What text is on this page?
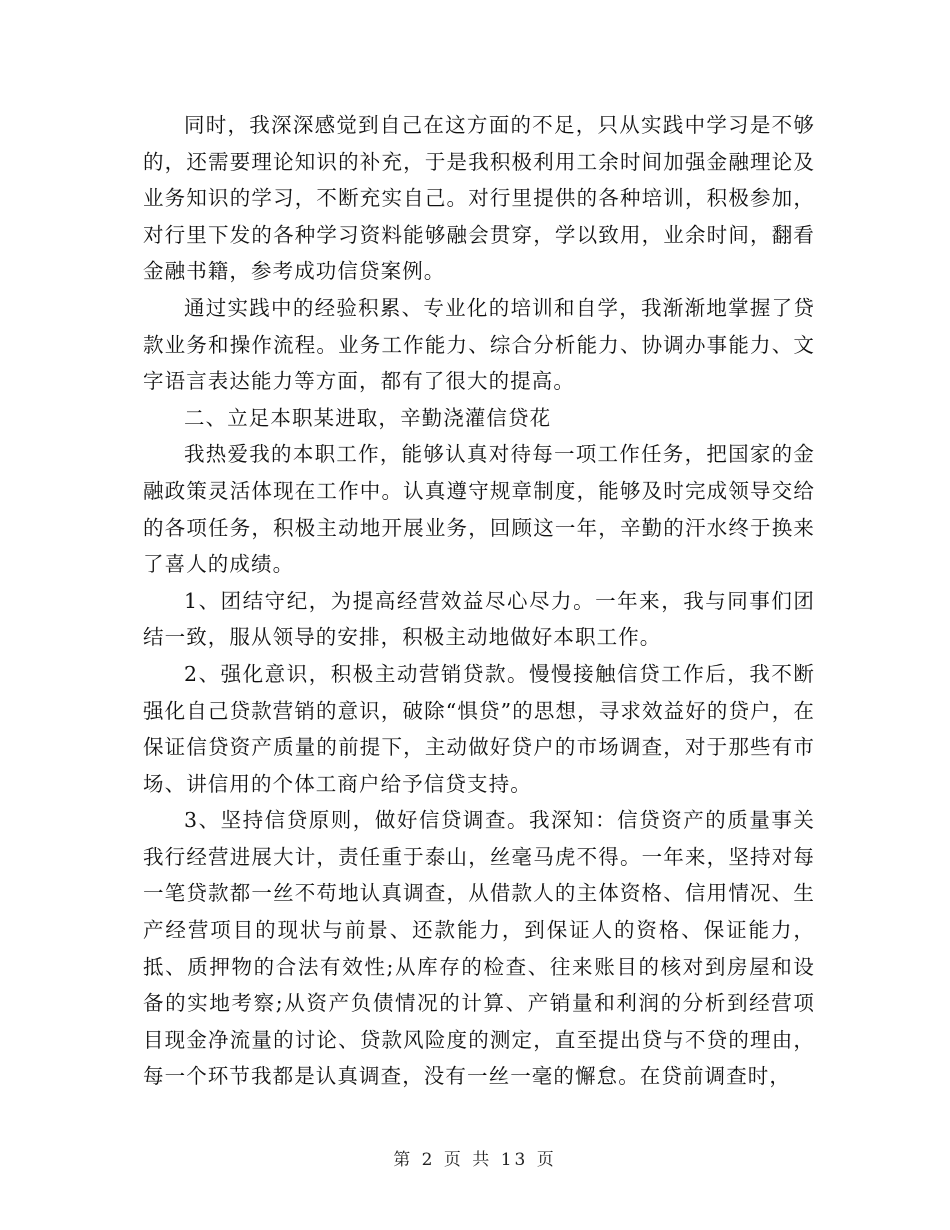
同时，我深深感觉到自己在这方面的不足，只从实践中学习是不够的，还需要理论知识的补充，于是我积极利用工余时间加强金融理论及业务知识的学习，不断充实自己。对行里提供的各种培训，积极参加，对行里下发的各种学习资料能够融会贯穿，学以致用，业余时间，翻看金融书籍，参考成功信贷案例。

通过实践中的经验积累、专业化的培训和自学，我渐渐地掌握了贷款业务和操作流程。业务工作能力、综合分析能力、协调办事能力、文字语言表达能力等方面，都有了很大的提高。

二、立足本职某进取，辛勤浇灌信贷花

我热爱我的本职工作，能够认真对待每一项工作任务，把国家的金融政策灵活体现在工作中。认真遵守规章制度，能够及时完成领导交给的各项任务，积极主动地开展业务，回顾这一年，辛勤的汗水终于换来了喜人的成绩。

1、团结守纪，为提高经营效益尽心尽力。一年来，我与同事们团结一致，服从领导的安排，积极主动地做好本职工作。

2、强化意识，积极主动营销贷款。慢慢接触信贷工作后，我不断强化自己贷款营销的意识，破除“惧贷”的思想，寻求效益好的贷户，在保证信贷资产质量的前提下，主动做好贷户的市场调查，对于那些有市场、讲信用的个体工商户给予信贷支持。

3、坚持信贷原则，做好信贷调查。我深知：信贷资产的质量事关我行经营进展大计，责任重于泰山，丝毫马虎不得。一年来，坚持对每一笔贷款都一丝不苟地认真调查，从借款人的主体资格、信用情况、生产经营项目的现状与前景、还款能力，到保证人的资格、保证能力，抵、质押物的合法有效性;从库存的检查、往来账目的核对到房屋和设备的实地考察;从资产负债情况的计算、产销量和利润的分析到经营项目现金净流量的讨论、贷款风险度的测定，直至提出贷与不贷的理由，每一个环节我都是认真调查，没有一丝一毫的懈怠。在贷前调查时，

第 2 页 共 13 页
